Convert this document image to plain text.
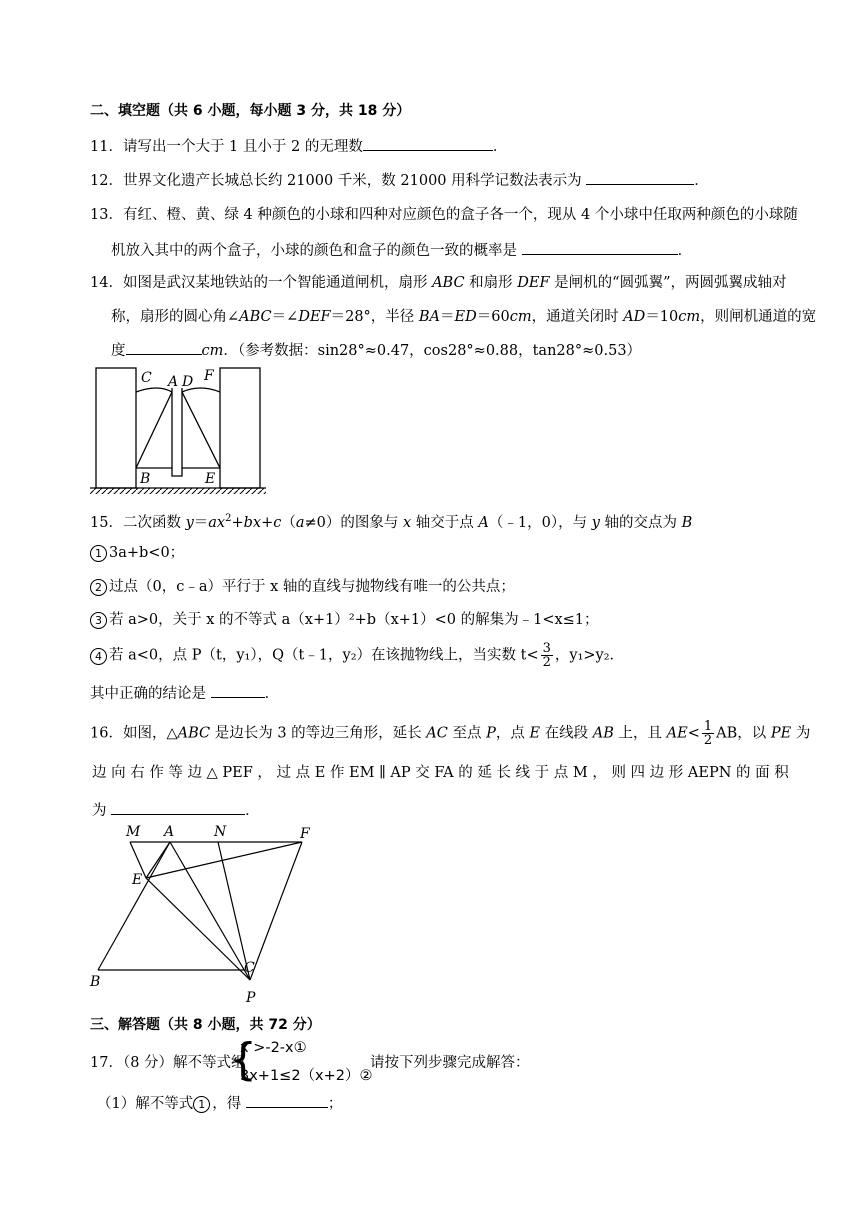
二、填空题（共 6 小题，每小题 3 分，共 18 分）
11．请写出一个大于 1 且小于 2 的无理数	．
12．世界文化遗产长城总长约 21000 千米，数 21000 用科学记数法表示为	．
13．有红、橙、黄、绿 4 种颜色的小球和四种对应颜色的盒子各一个，现从 4 个小球中任取两种颜色的小球随
机放入其中的两个盒子，小球的颜色和盒子的颜色一致的概率是	．
14．如图是武汉某地铁站的一个智能通道闸机，扇形 ABC 和扇形 DEF 是闸机的“圆弧翼”，两圆弧翼成轴对
称，扇形的圆心角∠ABC＝∠DEF＝28°，半径 BA＝ED＝60cm，通道关闭时 AD＝10cm，则闸机通道的宽
度	cm．（参考数据：sin28°≈0.47，cos28°≈0.88，tan28°≈0.53）
C A D F
B	E
15．二次函数 $y=ax^2+bx+c(a\ne 0)$的图象与 x 轴交于点 A（﹣1，0），与 y 轴的交点为 B
1 3a+b<0；
2 过点（0，c﹣a）平行于 x 轴的直线与抛物线有唯一的公共点；
3 若 a>0，关于 x 的不等式 a（x+1）²+b（x+1）<0 的解集为﹣1<x≤1；
4 若 a<0，点 P（t，y₁），Q（t﹣1，y₂）在该抛物线上，当实数 $t< \frac{3}{2}$ ，y₁>y₂．
其中正确的结论是	．
16．如图，△ABC 是边长为 3 的等边三角形，延长 AC 至点 P，点 E 在线段 AB 上，且 $AE< \frac{1}{2}$ AB，以 PE 为
边 向 右 作 等 边 △ PEF ， 过 点 E 作 EM ∥ AP 交 FA 的 延 长 线 于 点 M ， 则 四 边 形 AEPN 的 面 积
为	．
M A	N	F
E
B
C
P
三、解答题（共 8 小题，共 72 分）
17．（8 分）解不等式组
{
x >-2-x①
3x+1≤2（x+2）②
请按下列步骤完成解答：
（1）解不等式 1 ，得	；
